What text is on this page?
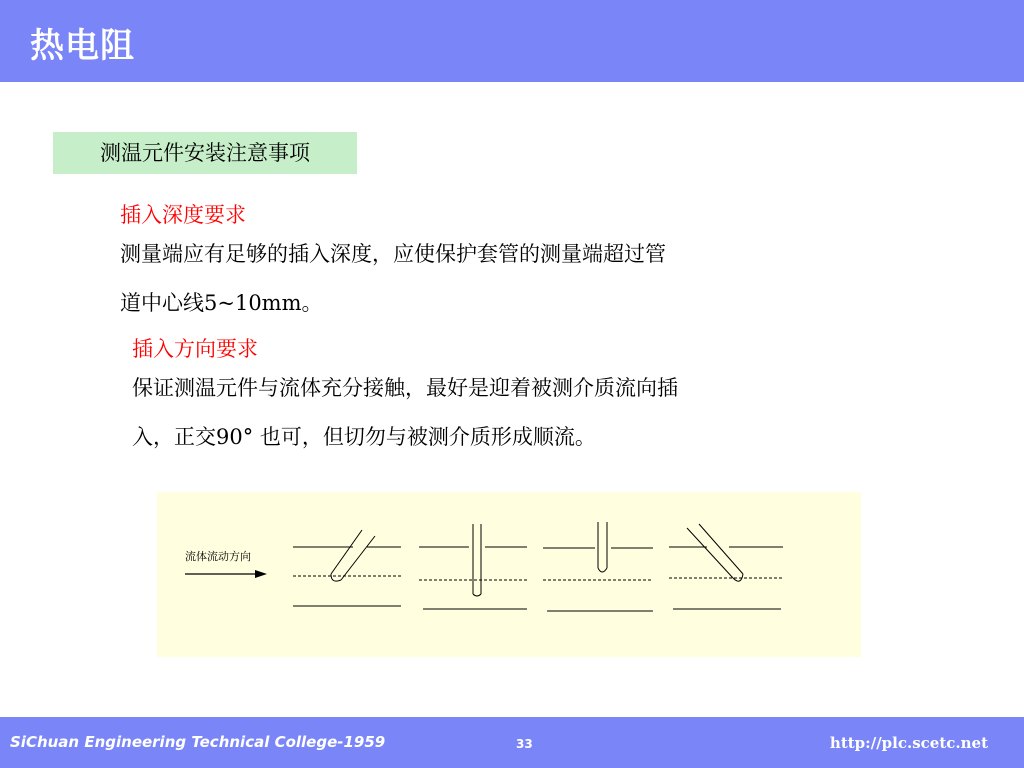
热电阻
测温元件安装注意事项
插入深度要求
测量端应有足够的插入深度，应使保护套管的测量端超过管
道中心线5~10mm。
插入方向要求
保证测温元件与流体充分接触，最好是迎着被测介质流向插
入，正交90° 也可，但切勿与被测介质形成顺流。
流体流动方向
SiChuan Engineering Technical College-1959	33	http://plc.scetc.net
